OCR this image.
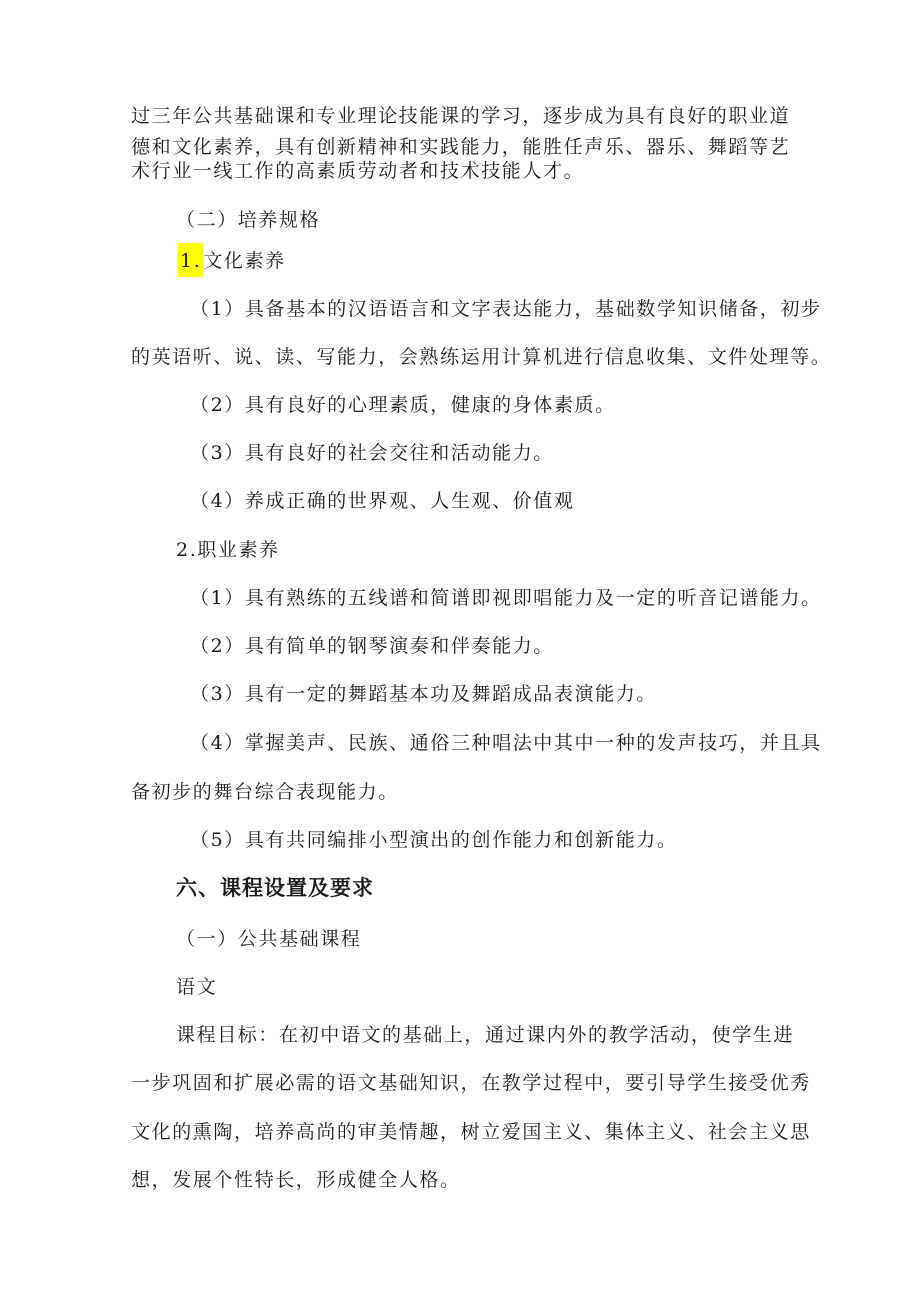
过三年公共基础课和专业理论技能课的学习，逐步成为具有良好的职业道
德和文化素养，具有创新精神和实践能力，能胜任声乐、器乐、舞蹈等艺
术行业一线工作的高素质劳动者和技术技能人才。
（二）培养规格
1. 文化素养
（1）具备基本的汉语语言和文字表达能力，基础数学知识储备，初步
的英语听、说、读、写能力，会熟练运用计算机进行信息收集、文件处理等。
（2）具有良好的心理素质，健康的身体素质。
（3）具有良好的社会交往和活动能力。
（4）养成正确的世界观、人生观、价值观
2.职业素养
（1）具有熟练的五线谱和简谱即视即唱能力及一定的听音记谱能力。
（2）具有简单的钢琴演奏和伴奏能力。
（3）具有一定的舞蹈基本功及舞蹈成品表演能力。
（4）掌握美声、民族、通俗三种唱法中其中一种的发声技巧，并且具
备初步的舞台综合表现能力。
（5）具有共同编排小型演出的创作能力和创新能力。
六、课程设置及要求
（一）公共基础课程
语文
课程目标：在初中语文的基础上，通过课内外的教学活动，使学生进
一步巩固和扩展必需的语文基础知识，在教学过程中，要引导学生接受优秀
文化的熏陶，培养高尚的审美情趣，树立爱国主义、集体主义、社会主义思
想，发展个性特长，形成健全人格。
